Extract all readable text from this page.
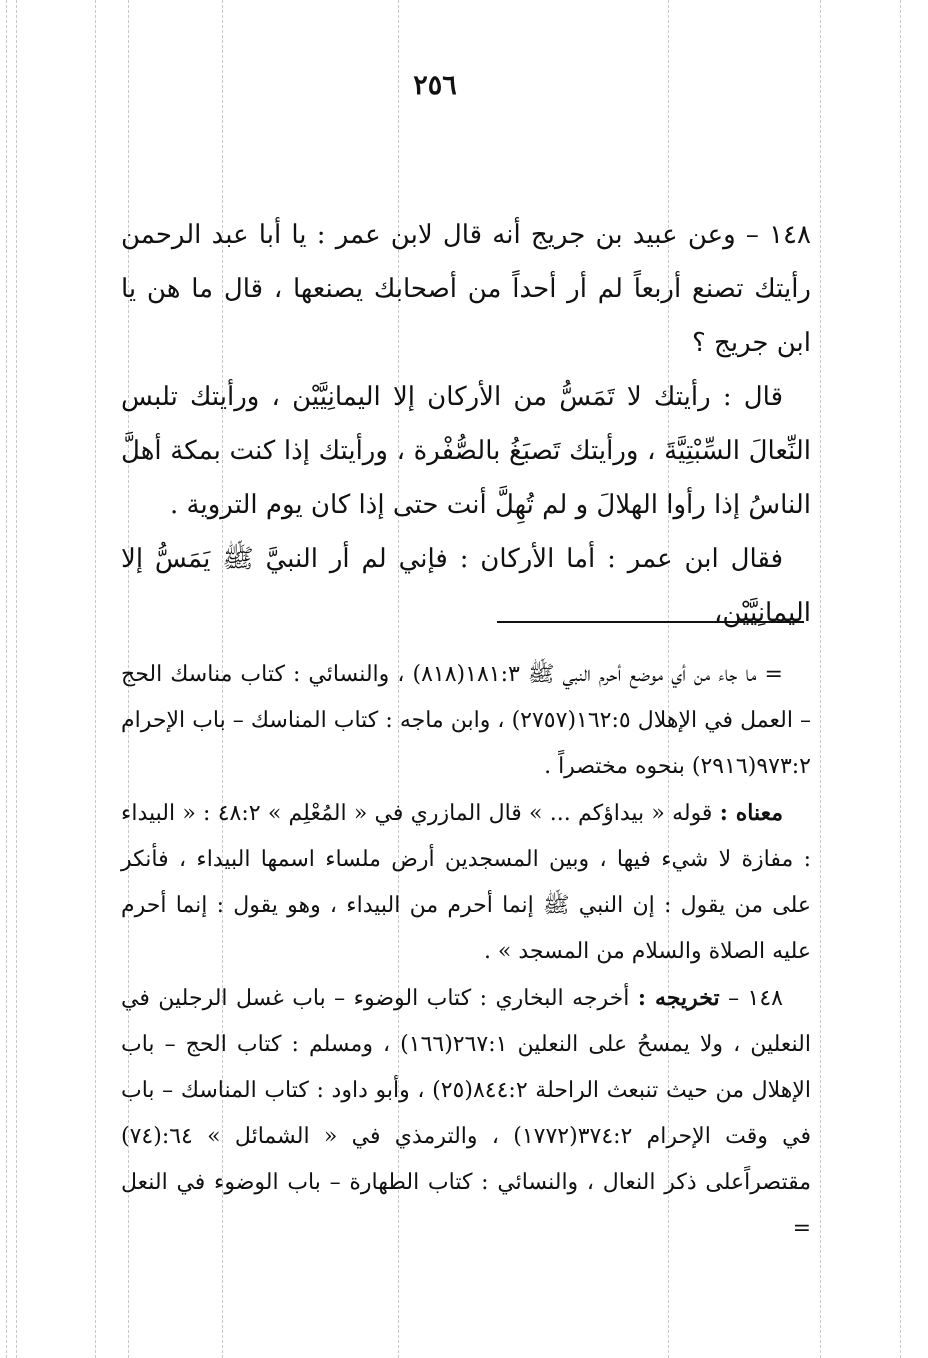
٢٥٦

١٤٨ – وعن عبيد بن جريج أنه قال لابن عمر : يا أبا عبد الرحمن رأيتك تصنع أربعاً لم أر أحداً من أصحابك يصنعها ، قال ما هن يا ابن جريج ؟

قال : رأيتك لا تَمَسُّ من الأركان إلا اليمانِيَّيْن ، ورأيتك تلبس النِّعالَ السِّبْتِيَّةَ ، ورأيتك تَصبَغُ بالصُّفْرة ، ورأيتك إذا كنت بمكة أهلَّ الناسُ إذا رأوا الهلالَ و لم تُهِلَّ أنت حتى إذا كان يوم التروية .

فقال ابن عمر : أما الأركان : فإني لم أر النبيَّ ﷺ يَمَسُّ إلا اليمانِيَّيْن،

= ما جاء من أي موضع أحرم النبي ﷺ ١٨١:٣(٨١٨) ، والنسائي : كتاب مناسك الحج – العمل في الإهلال ١٦٢:٥(٢٧٥٧) ، وابن ماجه : كتاب المناسك – باب الإحرام ٩٧٣:٢(٢٩١٦) بنحوه مختصراً .

معناه : قوله « بيداؤكم ... » قال المازري في « المُعْلِم » ٤٨:٢ : « البيداء : مفازة لا شيء فيها ، وبين المسجدين أرض ملساء اسمها البيداء ، فأنكر على من يقول : إن النبي ﷺ إنما أحرم من البيداء ، وهو يقول : إنما أحرم عليه الصلاة والسلام من المسجد » .

١٤٨ – تخريجه : أخرجه البخاري : كتاب الوضوء – باب غسل الرجلين في النعلين ، ولا يمسحُ على النعلين ٢٦٧:١(١٦٦) ، ومسلم : كتاب الحج – باب الإهلال من حيث تنبعث الراحلة ٨٤٤:٢(٢٥) ، وأبو داود : كتاب المناسك – باب في وقت الإحرام ٣٧٤:٢(١٧٧٢) ، والترمذي في « الشمائل » ٦٤:(٧٤) مقتصراًعلى ذكر النعال ، والنسائي : كتاب الطهارة – باب الوضوء في النعل =
